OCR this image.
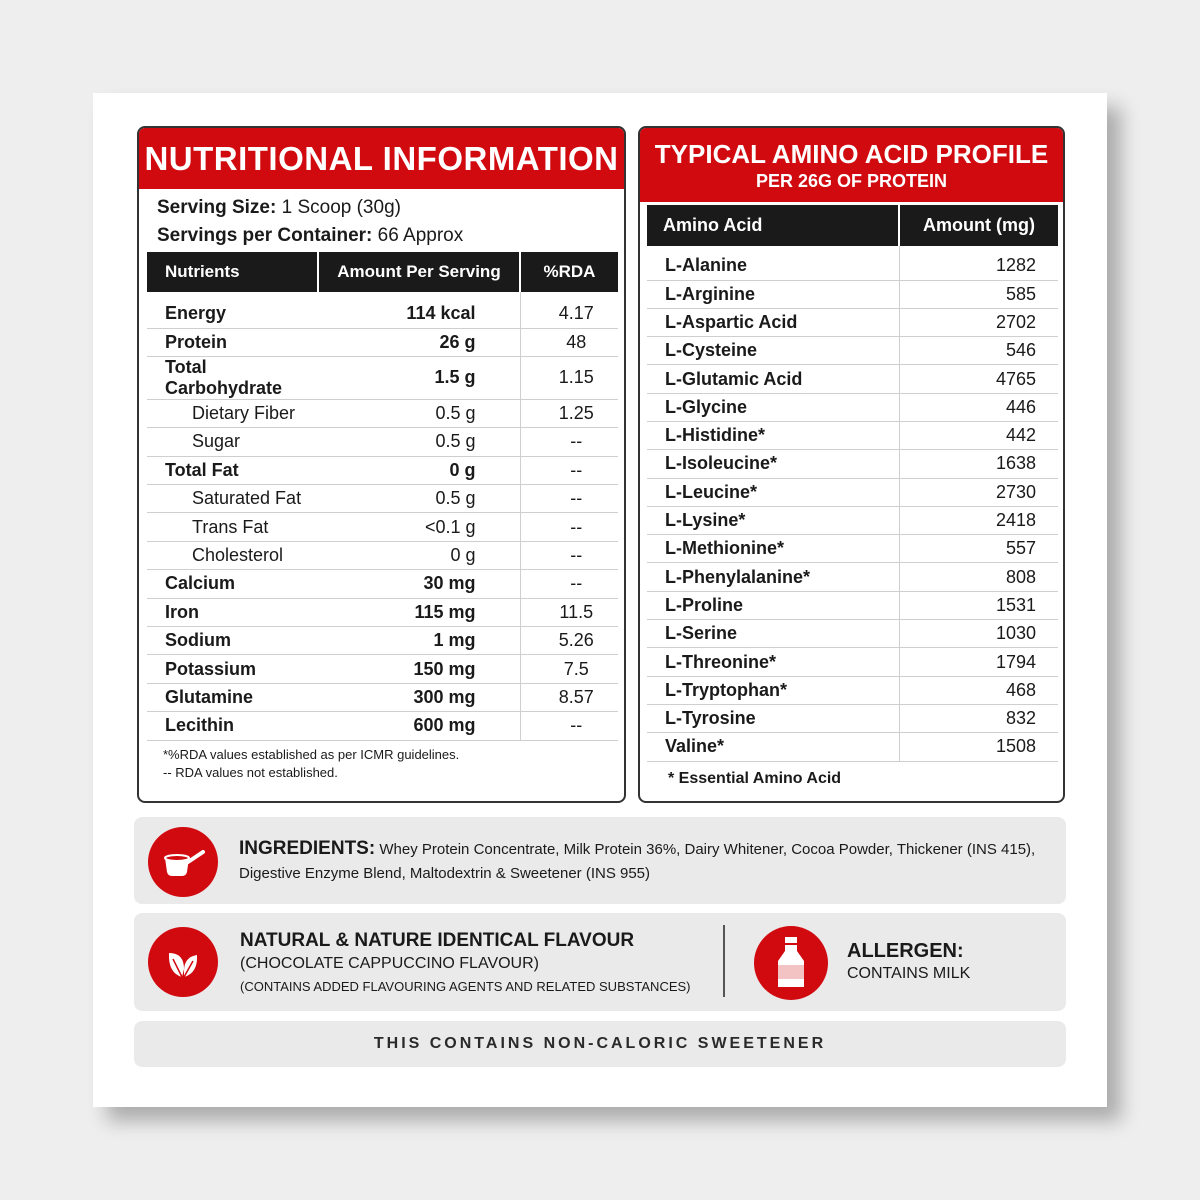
NUTRITIONAL INFORMATION
Serving Size: 1 Scoop (30g)
Servings per Container: 66 Approx
Nutrients	Amount Per Serving	%RDA
Energy	114 kcal	4.17
Protein	26 g	48
Total Carbohydrate	1.5 g	1.15
Dietary Fiber	0.5 g	1.25
Sugar	0.5 g	--
Total Fat	0 g	--
Saturated Fat	0.5 g	--
Trans Fat	<0.1 g	--
Cholesterol	0 g	--
Calcium	30 mg	--
Iron	115 mg	11.5
Sodium	1 mg	5.26
Potassium	150 mg	7.5
Glutamine	300 mg	8.57
Lecithin	600 mg	--
*%RDA values established as per ICMR guidelines.
-- RDA values not established.
TYPICAL AMINO ACID PROFILE
PER 26G OF PROTEIN
Amino Acid	Amount (mg)
L-Alanine	1282
L-Arginine	585
L-Aspartic Acid	2702
L-Cysteine	546
L-Glutamic Acid	4765
L-Glycine	446
L-Histidine*	442
L-Isoleucine*	1638
L-Leucine*	2730
L-Lysine*	2418
L-Methionine*	557
L-Phenylalanine*	808
L-Proline	1531
L-Serine	1030
L-Threonine*	1794
L-Tryptophan*	468
L-Tyrosine	832
Valine*	1508
* Essential Amino Acid
INGREDIENTS: Whey Protein Concentrate, Milk Protein 36%, Dairy Whitener, Cocoa Powder, Thickener (INS 415), Digestive Enzyme Blend, Maltodextrin & Sweetener (INS 955)
NATURAL & NATURE IDENTICAL FLAVOUR
(CHOCOLATE CAPPUCCINO FLAVOUR)
(CONTAINS ADDED FLAVOURING AGENTS AND RELATED SUBSTANCES)
ALLERGEN:
CONTAINS MILK
THIS CONTAINS NON-CALORIC SWEETENER
